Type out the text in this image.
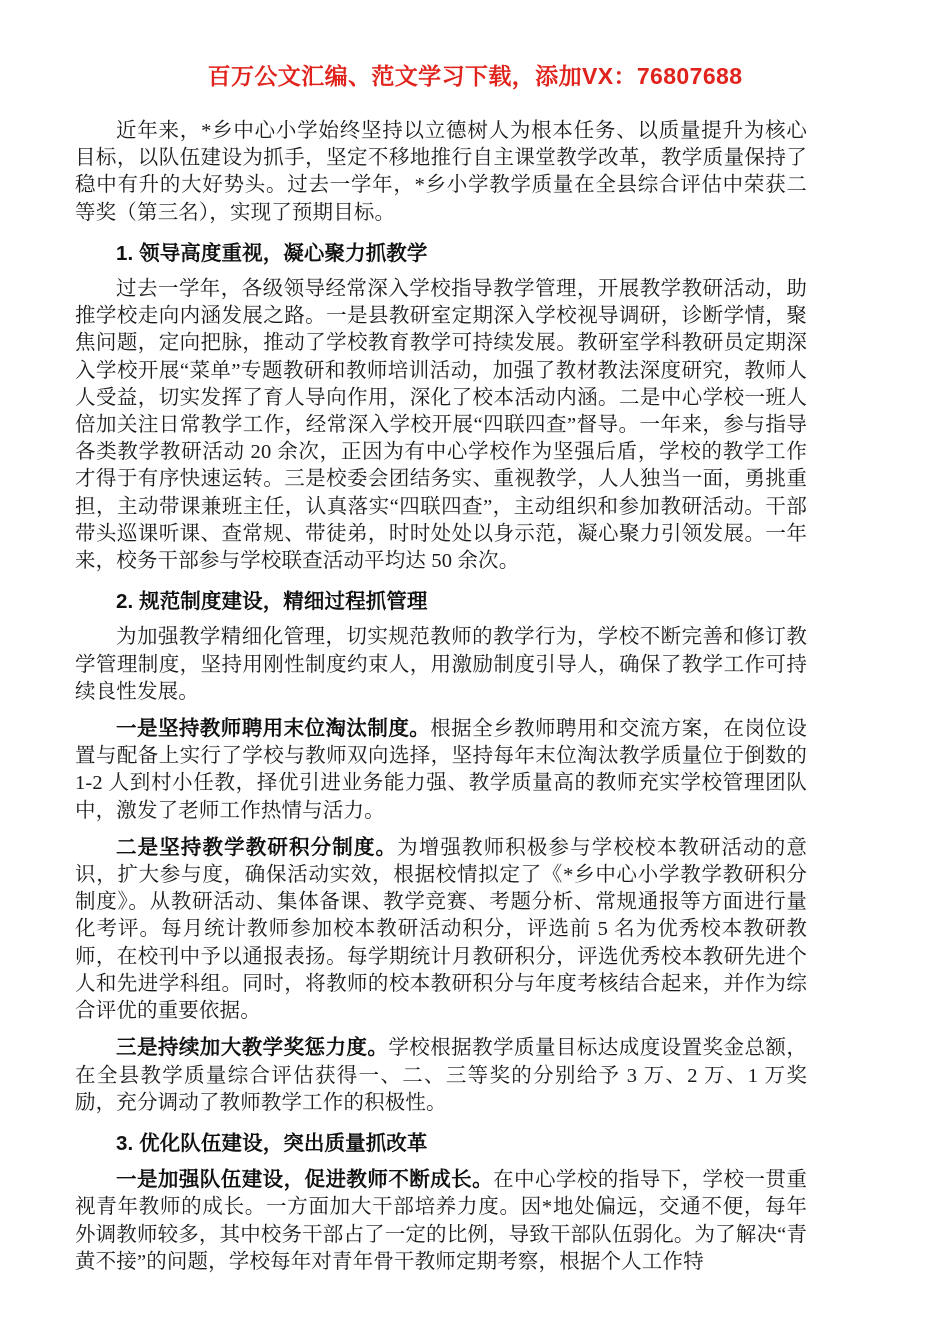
百万公文汇编、范文学习下载，添加VX：76807688

近年来，*乡中心小学始终坚持以立德树人为根本任务、以质量提升为核心目标，以队伍建设为抓手，坚定不移地推行自主课堂教学改革，教学质量保持了稳中有升的大好势头。过去一学年，*乡小学教学质量在全县综合评估中荣获二等奖（第三名），实现了预期目标。

1. 领导高度重视，凝心聚力抓教学

过去一学年，各级领导经常深入学校指导教学管理，开展教学教研活动，助推学校走向内涵发展之路。一是县教研室定期深入学校视导调研，诊断学情，聚焦问题，定向把脉，推动了学校教育教学可持续发展。教研室学科教研员定期深入学校开展“菜单”专题教研和教师培训活动，加强了教材教法深度研究，教师人人受益，切实发挥了育人导向作用，深化了校本活动内涵。二是中心学校一班人倍加关注日常教学工作，经常深入学校开展“四联四查”督导。一年来，参与指导各类教学教研活动 20 余次，正因为有中心学校作为坚强后盾，学校的教学工作才得于有序快速运转。三是校委会团结务实、重视教学，人人独当一面，勇挑重担，主动带课兼班主任，认真落实“四联四查”，主动组织和参加教研活动。干部带头巡课听课、查常规、带徒弟，时时处处以身示范，凝心聚力引领发展。一年来，校务干部参与学校联查活动平均达 50 余次。

2. 规范制度建设，精细过程抓管理

为加强教学精细化管理，切实规范教师的教学行为，学校不断完善和修订教学管理制度，坚持用刚性制度约束人，用激励制度引导人，确保了教学工作可持续良性发展。

一是坚持教师聘用末位淘汰制度。根据全乡教师聘用和交流方案，在岗位设置与配备上实行了学校与教师双向选择，坚持每年末位淘汰教学质量位于倒数的 1-2 人到村小任教，择优引进业务能力强、教学质量高的教师充实学校管理团队中，激发了老师工作热情与活力。

二是坚持教学教研积分制度。为增强教师积极参与学校校本教研活动的意识，扩大参与度，确保活动实效，根据校情拟定了《*乡中心小学教学教研积分制度》。从教研活动、集体备课、教学竞赛、考题分析、常规通报等方面进行量化考评。每月统计教师参加校本教研活动积分，评选前 5 名为优秀校本教研教师，在校刊中予以通报表扬。每学期统计月教研积分，评选优秀校本教研先进个人和先进学科组。同时，将教师的校本教研积分与年度考核结合起来，并作为综合评优的重要依据。

三是持续加大教学奖惩力度。学校根据教学质量目标达成度设置奖金总额，在全县教学质量综合评估获得一、二、三等奖的分别给予 3 万、2 万、1 万奖励，充分调动了教师教学工作的积极性。

3. 优化队伍建设，突出质量抓改革

一是加强队伍建设，促进教师不断成长。在中心学校的指导下，学校一贯重视青年教师的成长。一方面加大干部培养力度。因*地处偏远，交通不便，每年外调教师较多，其中校务干部占了一定的比例，导致干部队伍弱化。为了解决“青黄不接”的问题，学校每年对青年骨干教师定期考察，根据个人工作特
